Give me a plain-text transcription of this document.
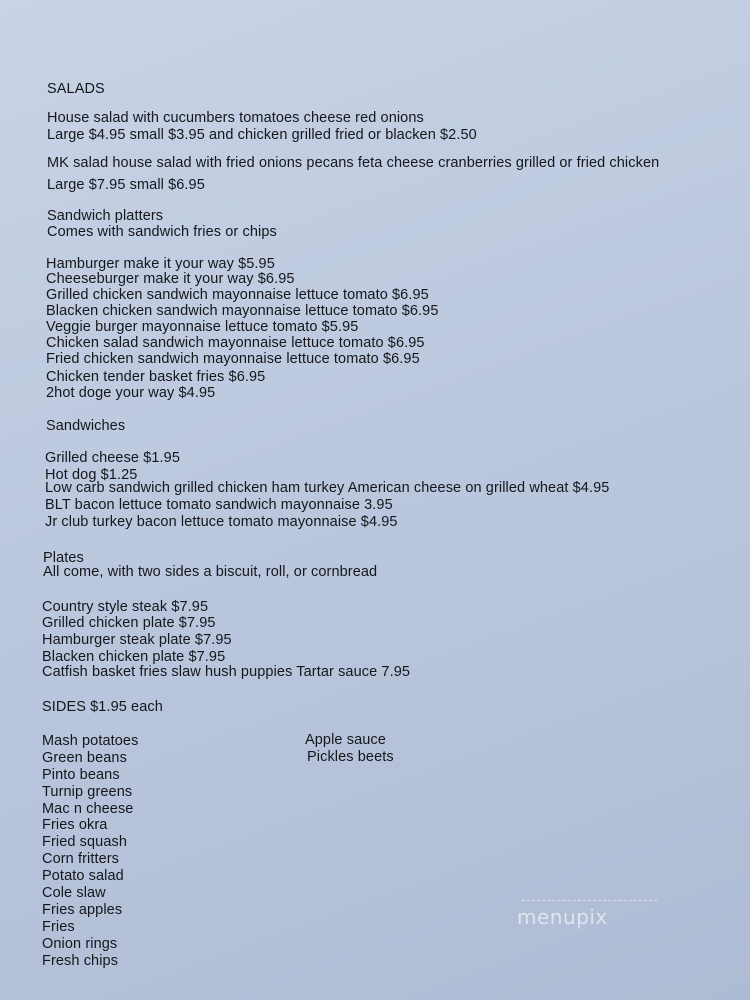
SALADS
House salad with cucumbers tomatoes cheese red onions
Large $4.95 small $3.95 and chicken grilled fried or blacken $2.50
MK salad house salad with fried onions pecans feta cheese cranberries grilled or fried chicken
Large $7.95 small $6.95
Sandwich platters
Comes with sandwich fries or chips
Hamburger make it your way $5.95
Cheeseburger make it your way $6.95
Grilled chicken sandwich mayonnaise lettuce tomato $6.95
Blacken chicken sandwich mayonnaise lettuce tomato $6.95
Veggie burger mayonnaise lettuce tomato $5.95
Chicken salad sandwich mayonnaise lettuce tomato $6.95
Fried chicken sandwich mayonnaise lettuce tomato $6.95
Chicken tender basket fries $6.95
2hot doge your way $4.95
Sandwiches
Grilled cheese $1.95
Hot dog $1.25
Low carb sandwich grilled chicken ham turkey American cheese on grilled wheat $4.95
BLT bacon lettuce tomato sandwich mayonnaise 3.95
Jr club turkey bacon lettuce tomato mayonnaise $4.95
Plates
All come, with two sides a biscuit, roll, or cornbread
Country style steak $7.95
Grilled chicken plate $7.95
Hamburger steak plate $7.95
Blacken chicken plate $7.95
Catfish basket fries slaw hush puppies Tartar sauce 7.95
SIDES $1.95 each
Mash potatoes
Green beans
Pinto beans
Turnip greens
Mac n cheese
Fries okra
Fried squash
Corn fritters
Potato salad
Cole slaw
Fries apples
Fries
Onion rings
Fresh chips
Apple sauce
Pickles beets
menupix
